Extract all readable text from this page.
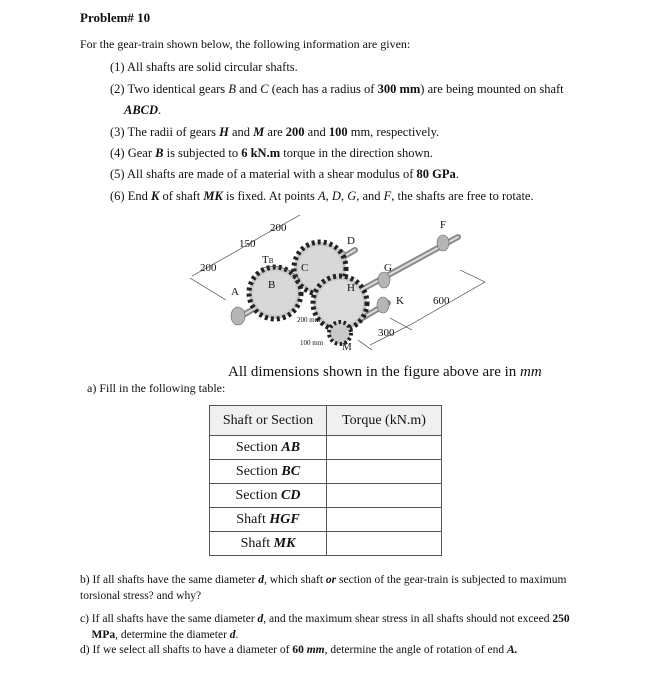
Problem# 10
For the gear-train shown below, the following information are given:
(1) All shafts are solid circular shafts.
(2) Two identical gears B and C (each has a radius of 300 mm) are being mounted on shaft
ABCD.
(3) The radii of gears H and M are 200 and 100 mm, respectively.
(4) Gear B is subjected to 6 kN.m torque in the direction shown.
(5) All shafts are made of a material with a shear modulus of 80 GPa.
(6) End K of shaft MK is fixed. At points A, D, G, and F, the shafts are free to rotate.
A
B
TB
C
D
F
G
H
K
M
200
150
200
600
300
200 mm
100 mm
All dimensions shown in the figure above are in mm
a) Fill in the following table:
Shaft or Section	Torque (kN.m)
Section AB	
Section BC	
Section CD	
Shaft HGF	
Shaft MK	
b) If all shafts have the same diameter d, which shaft or section of the gear-train is subjected to maximum
torsional stress? and why?
c) If all shafts have the same diameter d, and the maximum shear stress in all shafts should not exceed 250
MPa, determine the diameter d.
d) If we select all shafts to have a diameter of 60 mm, determine the angle of rotation of end A.
